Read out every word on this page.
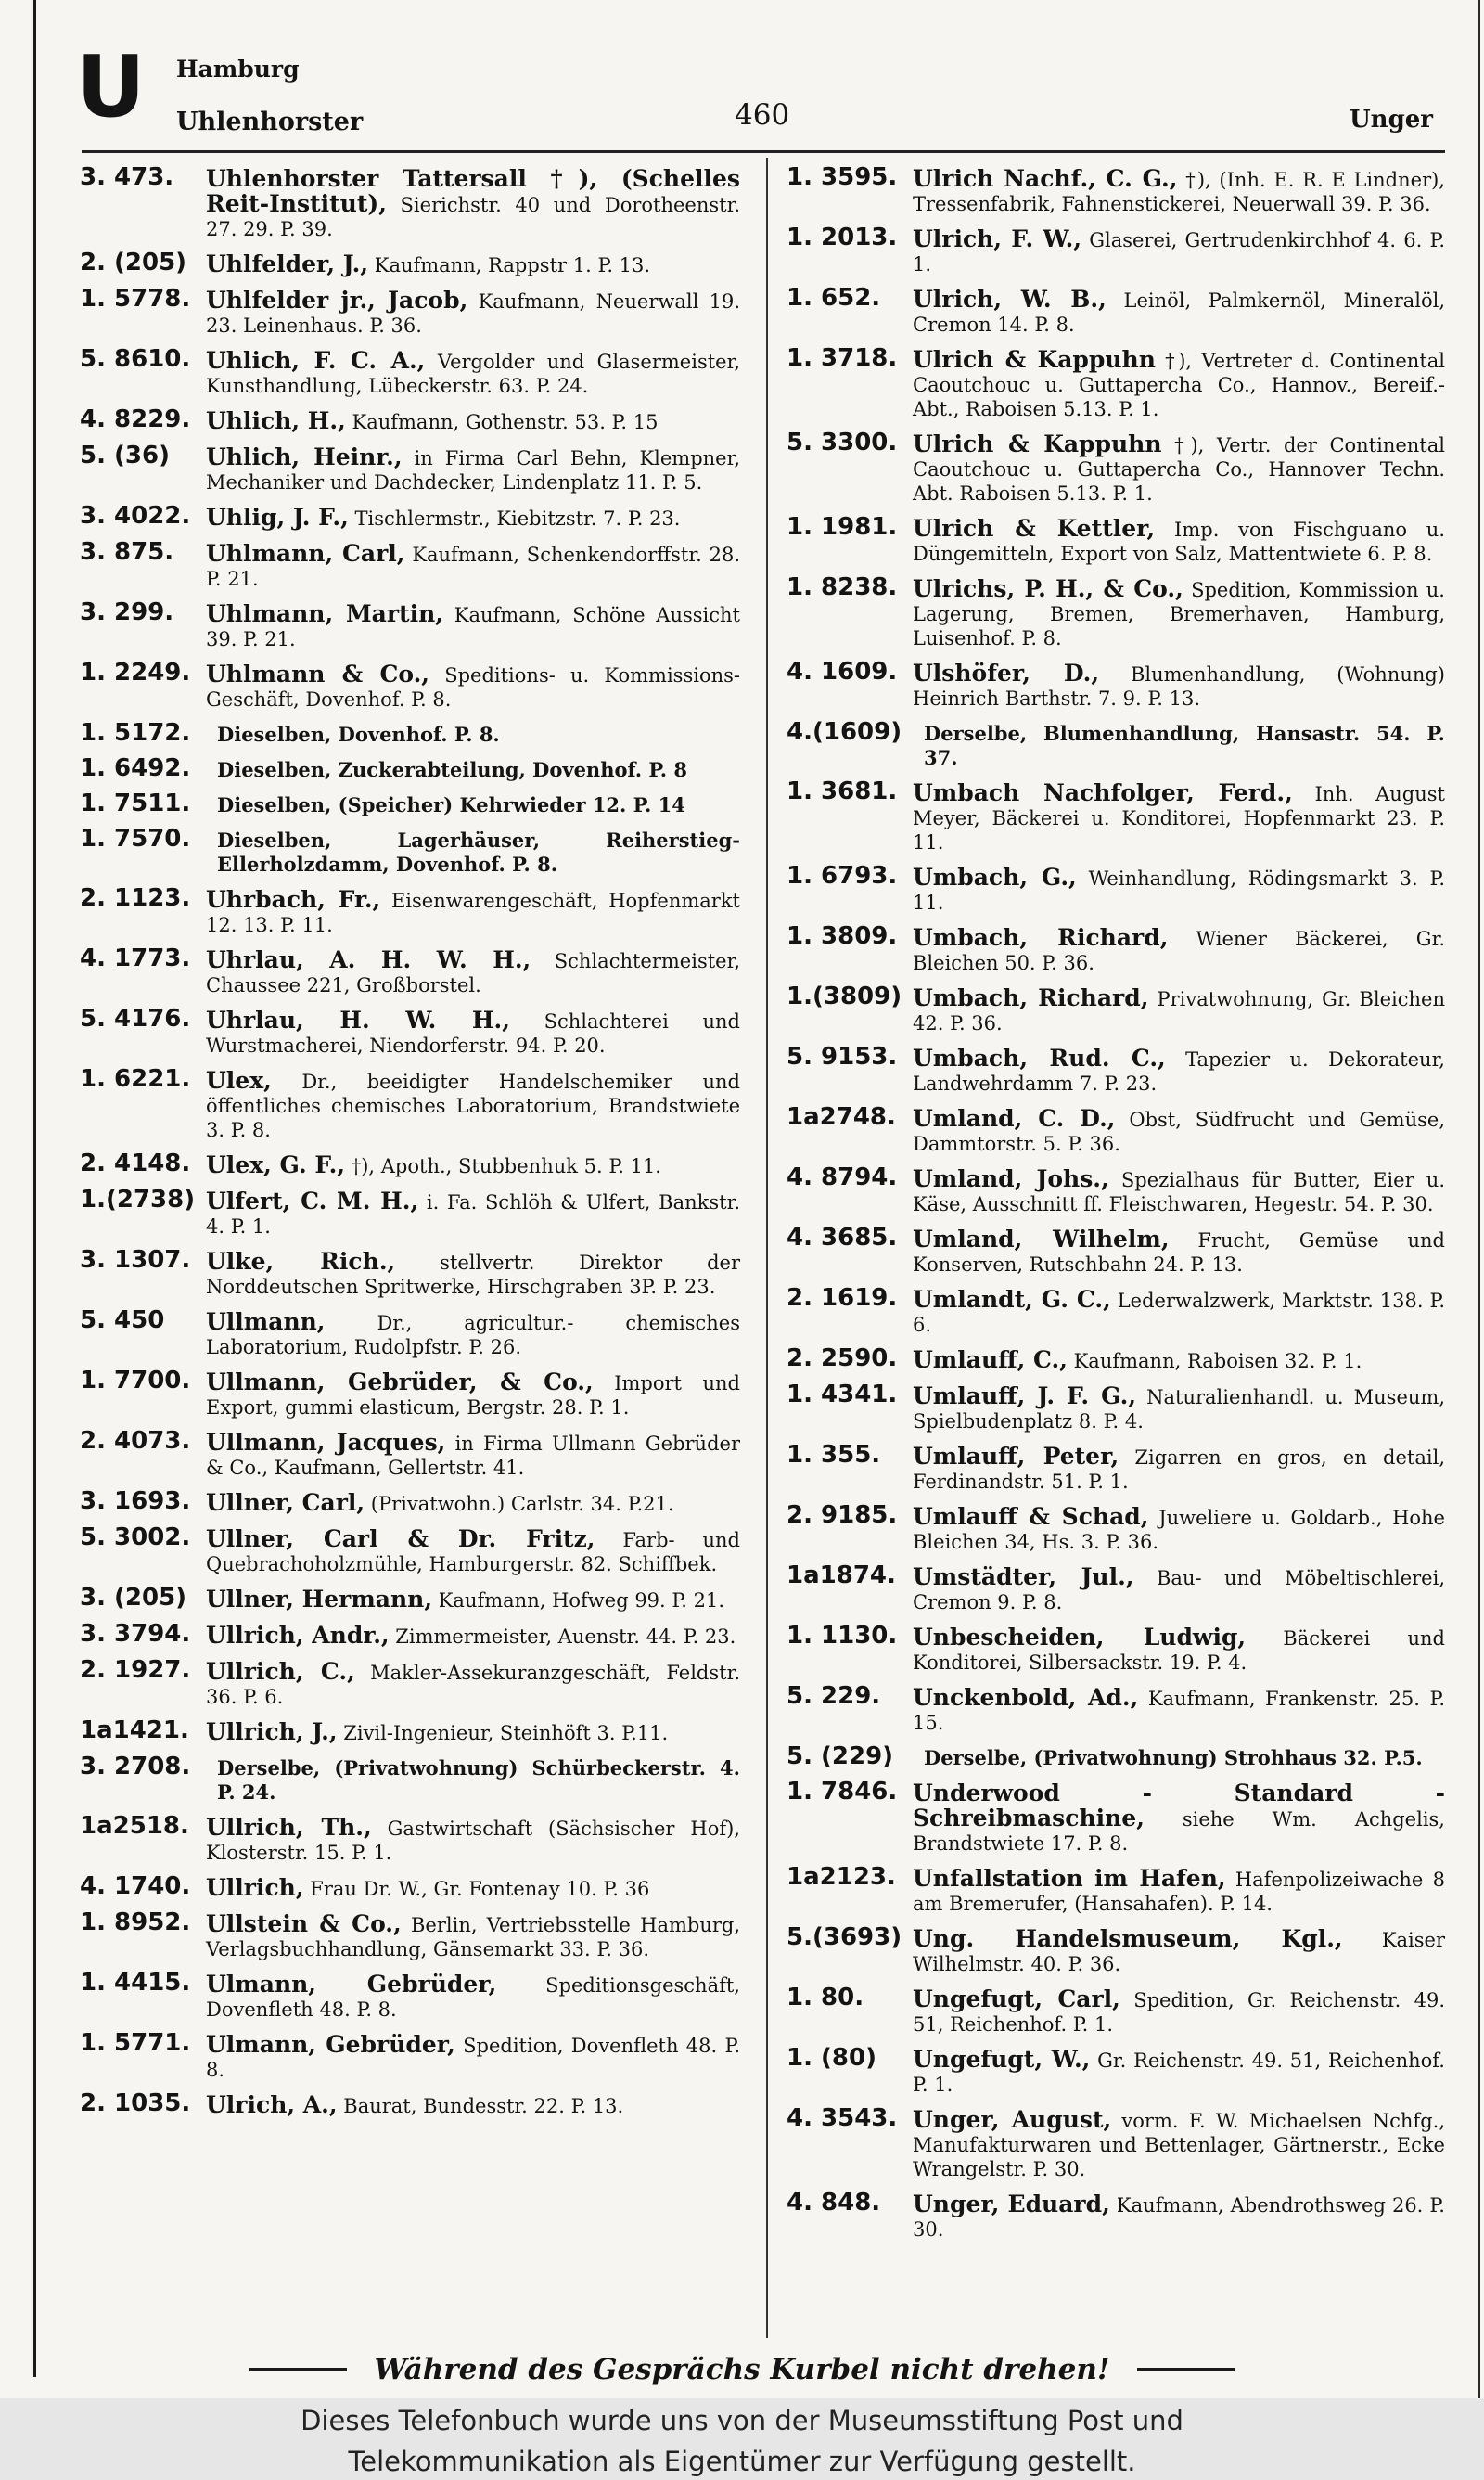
U Hamburg
Uhlenhorster	460	Unger
3. 473. Uhlenhorster Tattersall †), (Schelles Reit-Institut), Sierichstr. 40 und Dorotheenstr. 27. 29. P. 39.
2. (205) Uhlfelder, J., Kaufmann, Rappstr 1. P. 13.
1. 5778. Uhlfelder jr., Jacob, Kaufmann, Neuerwall 19. 23. Leinenhaus. P. 36.
5. 8610. Uhlich, F. C. A., Vergolder und Glasermeister, Kunsthandlung, Lübeckerstr. 63. P. 24.
4. 8229. Uhlich, H., Kaufmann, Gothenstr. 53. P. 15
5. (36) Uhlich, Heinr., in Firma Carl Behn, Klempner, Mechaniker und Dachdecker, Lindenplatz 11. P. 5.
3. 4022. Uhlig, J. F., Tischlermstr., Kiebitzstr. 7. P. 23.
3. 875. Uhlmann, Carl, Kaufmann, Schenkendorffstr. 28. P. 21.
3. 299. Uhlmann, Martin, Kaufmann, Schöne Aussicht 39. P. 21.
1. 2249. Uhlmann & Co., Speditions- u. Kommissions-Geschäft, Dovenhof. P. 8.
1. 5172.	Dieselben, Dovenhof. P. 8.
1. 6492.	Dieselben, Zuckerabteilung, Dovenhof. P. 8
1. 7511.	Dieselben, (Speicher) Kehrwieder 12. P. 14
1. 7570.	Dieselben, Lagerhäuser, Reiherstieg-Ellerholzdamm, Dovenhof. P. 8.
2. 1123. Uhrbach, Fr., Eisenwarengeschäft, Hopfenmarkt 12. 13. P. 11.
4. 1773. Uhrlau, A. H. W. H., Schlachtermeister, Chaussee 221, Großborstel.
5. 4176. Uhrlau, H. W. H., Schlachterei und Wurstmacherei, Niendorferstr. 94. P. 20.
1. 6221. Ulex, Dr., beeidigter Handelschemiker und öffentliches chemisches Laboratorium, Brandstwiete 3. P. 8.
2. 4148. Ulex, G. F., †), Apoth., Stubbenhuk 5. P. 11.
1.(2738) Ulfert, C. M. H., i. Fa. Schlöh & Ulfert, Bankstr. 4. P. 1.
3. 1307. Ulke, Rich., stellvertr. Direktor der Norddeutschen Spritwerke, Hirschgraben 3P. P. 23.
5. 450 Ullmann,	Dr., agricultur.- chemisches Laboratorium, Rudolpfstr. P. 26.
1. 7700. Ullmann, Gebrüder, & Co., Import und Export, gummi elasticum, Bergstr. 28. P. 1.
2. 4073. Ullmann, Jacques, in Firma Ullmann Gebrüder & Co., Kaufmann, Gellertstr. 41.
3. 1693. Ullner, Carl, (Privatwohn.) Carlstr. 34. P.21.
5. 3002. Ullner, Carl & Dr. Fritz, Farb- und Quebrachoholzmühle, Hamburgerstr. 82. Schiffbek.
3. (205) Ullner, Hermann, Kaufmann, Hofweg 99. P. 21.
3. 3794. Ullrich, Andr., Zimmermeister, Auenstr. 44. P. 23.
2. 1927. Ullrich, C., Makler-Assekuranzgeschäft, Feldstr. 36. P. 6.
1a1421. Ullrich, J., Zivil-Ingenieur, Steinhöft 3. P.11.
3. 2708.	Derselbe, (Privatwohnung) Schürbeckerstr. 4. P. 24.
1a2518. Ullrich, Th., Gastwirtschaft (Sächsischer Hof), Klosterstr. 15. P. 1.
4. 1740. Ullrich, Frau Dr. W., Gr. Fontenay 10. P. 36
1. 8952. Ullstein & Co., Berlin, Vertriebsstelle Hamburg, Verlagsbuchhandlung, Gänsemarkt 33. P. 36.
1. 4415. Ulmann, Gebrüder,	Speditionsgeschäft, Dovenfleth 48. P. 8.
1. 5771. Ulmann, Gebrüder, Spedition, Dovenfleth 48. P. 8.
2. 1035. Ulrich, A., Baurat, Bundesstr. 22. P. 13.
1. 3595. Ulrich Nachf., C. G., †), (Inh. E. R. E Lindner), Tressenfabrik, Fahnenstickerei, Neuerwall 39. P. 36.
1. 2013. Ulrich, F. W., Glaserei, Gertrudenkirchhof 4. 6. P. 1.
1. 652. Ulrich, W. B., Leinöl, Palmkernöl, Mineralöl, Cremon 14. P. 8.
1. 3718. Ulrich & Kappuhn †), Vertreter d. Continental Caoutchouc u. Guttapercha Co., Hannov., Bereif.-Abt., Raboisen 5.13. P. 1.
5. 3300. Ulrich & Kappuhn †), Vertr. der Continental Caoutchouc u. Guttapercha Co., Hannover Techn. Abt. Raboisen 5.13. P. 1.
1. 1981. Ulrich & Kettler, Imp. von Fischguano u. Düngemitteln, Export von Salz, Mattentwiete 6. P. 8.
1. 8238. Ulrichs, P. H., & Co., Spedition, Kommission u. Lagerung, Bremen, Bremerhaven, Hamburg, Luisenhof. P. 8.
4. 1609. Ulshöfer, D., Blumenhandlung, (Wohnung) Heinrich Barthstr. 7. 9. P. 13.
4.(1609)	Derselbe, Blumenhandlung, Hansastr. 54. P. 37.
1. 3681. Umbach Nachfolger, Ferd., Inh. August Meyer, Bäckerei u. Konditorei, Hopfenmarkt 23. P. 11.
1. 6793. Umbach, G., Weinhandlung, Rödingsmarkt 3. P. 11.
1. 3809. Umbach, Richard, Wiener Bäckerei, Gr. Bleichen 50. P. 36.
1.(3809) Umbach, Richard, Privatwohnung, Gr. Bleichen 42. P. 36.
5. 9153. Umbach, Rud. C., Tapezier u. Dekorateur, Landwehrdamm 7. P. 23.
1a2748. Umland, C. D., Obst, Südfrucht und Gemüse, Dammtorstr. 5. P. 36.
4. 8794. Umland, Johs., Spezialhaus für Butter, Eier u. Käse, Ausschnitt ff. Fleischwaren, Hegestr. 54. P. 30.
4. 3685. Umland, Wilhelm, Frucht, Gemüse und Konserven, Rutschbahn 24. P. 13.
2. 1619. Umlandt, G. C., Lederwalzwerk, Marktstr. 138. P. 6.
2. 2590. Umlauff, C., Kaufmann, Raboisen 32. P. 1.
1. 4341. Umlauff, J. F. G., Naturalienhandl. u. Museum, Spielbudenplatz 8. P. 4.
1. 355. Umlauff, Peter, Zigarren en gros, en detail, Ferdinandstr. 51. P. 1.
2. 9185. Umlauff & Schad, Juweliere u. Goldarb., Hohe Bleichen 34, Hs. 3. P. 36.
1a1874. Umstädter, Jul., Bau- und Möbeltischlerei, Cremon 9. P. 8.
1. 1130. Unbescheiden, Ludwig, Bäckerei und Konditorei, Silbersackstr. 19. P. 4.
5. 229. Unckenbold, Ad., Kaufmann, Frankenstr. 25. P. 15.
5. (229)	Derselbe, (Privatwohnung) Strohhaus 32. P.5.
1. 7846. Underwood - Standard - Schreibmaschine, siehe Wm. Achgelis, Brandstwiete 17. P. 8.
1a2123. Unfallstation im Hafen, Hafenpolizeiwache 8 am Bremerufer, (Hansahafen). P. 14.
5.(3693) Ung. Handelsmuseum, Kgl., Kaiser Wilhelmstr. 40. P. 36.
1. 80. Ungefugt, Carl, Spedition, Gr. Reichenstr. 49. 51, Reichenhof. P. 1.
1. (80) Ungefugt, W., Gr. Reichenstr. 49. 51, Reichenhof. P. 1.
4. 3543. Unger, August, vorm. F. W. Michaelsen Nchfg., Manufakturwaren und Bettenlager, Gärtnerstr., Ecke Wrangelstr. P. 30.
4. 848. Unger, Eduard, Kaufmann, Abendrothsweg 26. P. 30.
Während des Gesprächs Kurbel nicht drehen!
Dieses Telefonbuch wurde uns von der Museumsstiftung Post und
Telekommunikation als Eigentümer zur Verfügung gestellt.
